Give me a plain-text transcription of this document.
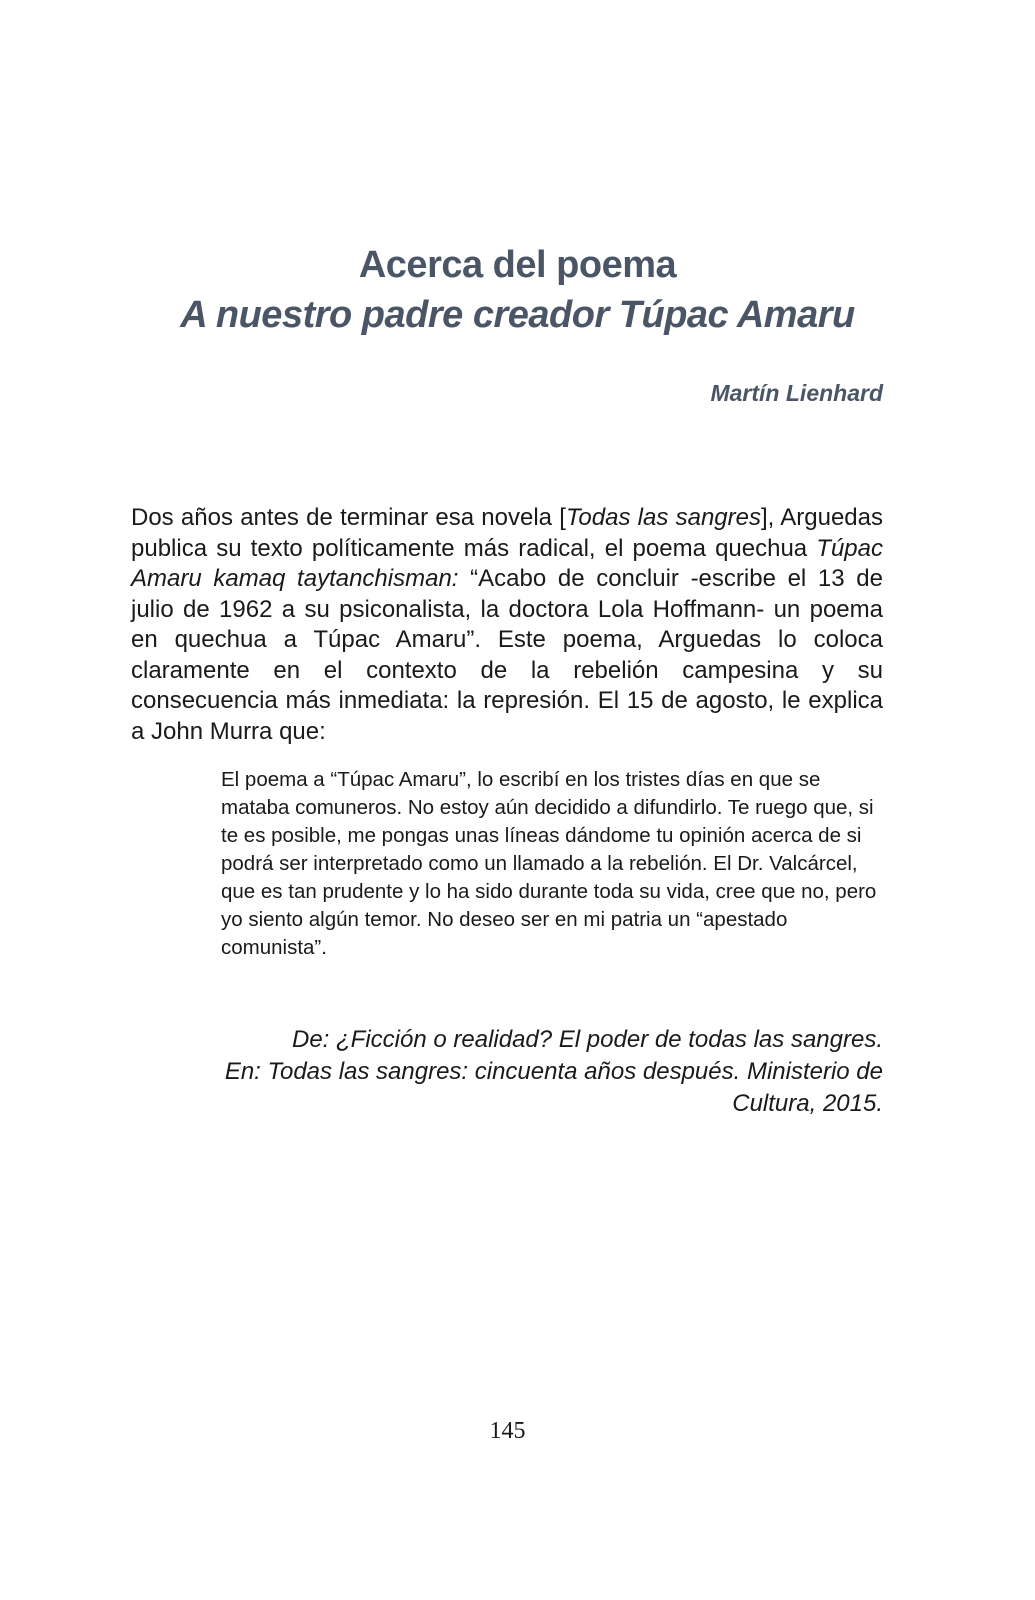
Acerca del poema
A nuestro padre creador Túpac Amaru
Martín Lienhard

Dos años antes de terminar esa novela [Todas las sangres], Arguedas publica su texto políticamente más radical, el poema quechua Túpac Amaru kamaq taytanchisman: “Acabo de concluir -escribe el 13 de julio de 1962 a su psiconalista, la doctora Lola Hoffmann- un poema en quechua a Túpac Amaru”. Este poema, Arguedas lo coloca claramente en el contexto de la rebelión campesina y su consecuencia más inmediata: la represión. El 15 de agosto, le explica a John Murra que:

El poema a “Túpac Amaru”, lo escribí en los tristes días en que se mataba comuneros. No estoy aún decidido a difundirlo. Te ruego que, si te es posible, me pongas unas líneas dándome tu opinión acerca de si podrá ser interpretado como un llamado a la rebelión. El Dr. Valcárcel, que es tan prudente y lo ha sido durante toda su vida, cree que no, pero yo siento algún temor. No deseo ser en mi patria un “apestado comunista”.

De: ¿Ficción o realidad? El poder de todas las sangres.
En: Todas las sangres: cincuenta años después. Ministerio de
Cultura, 2015.
145
